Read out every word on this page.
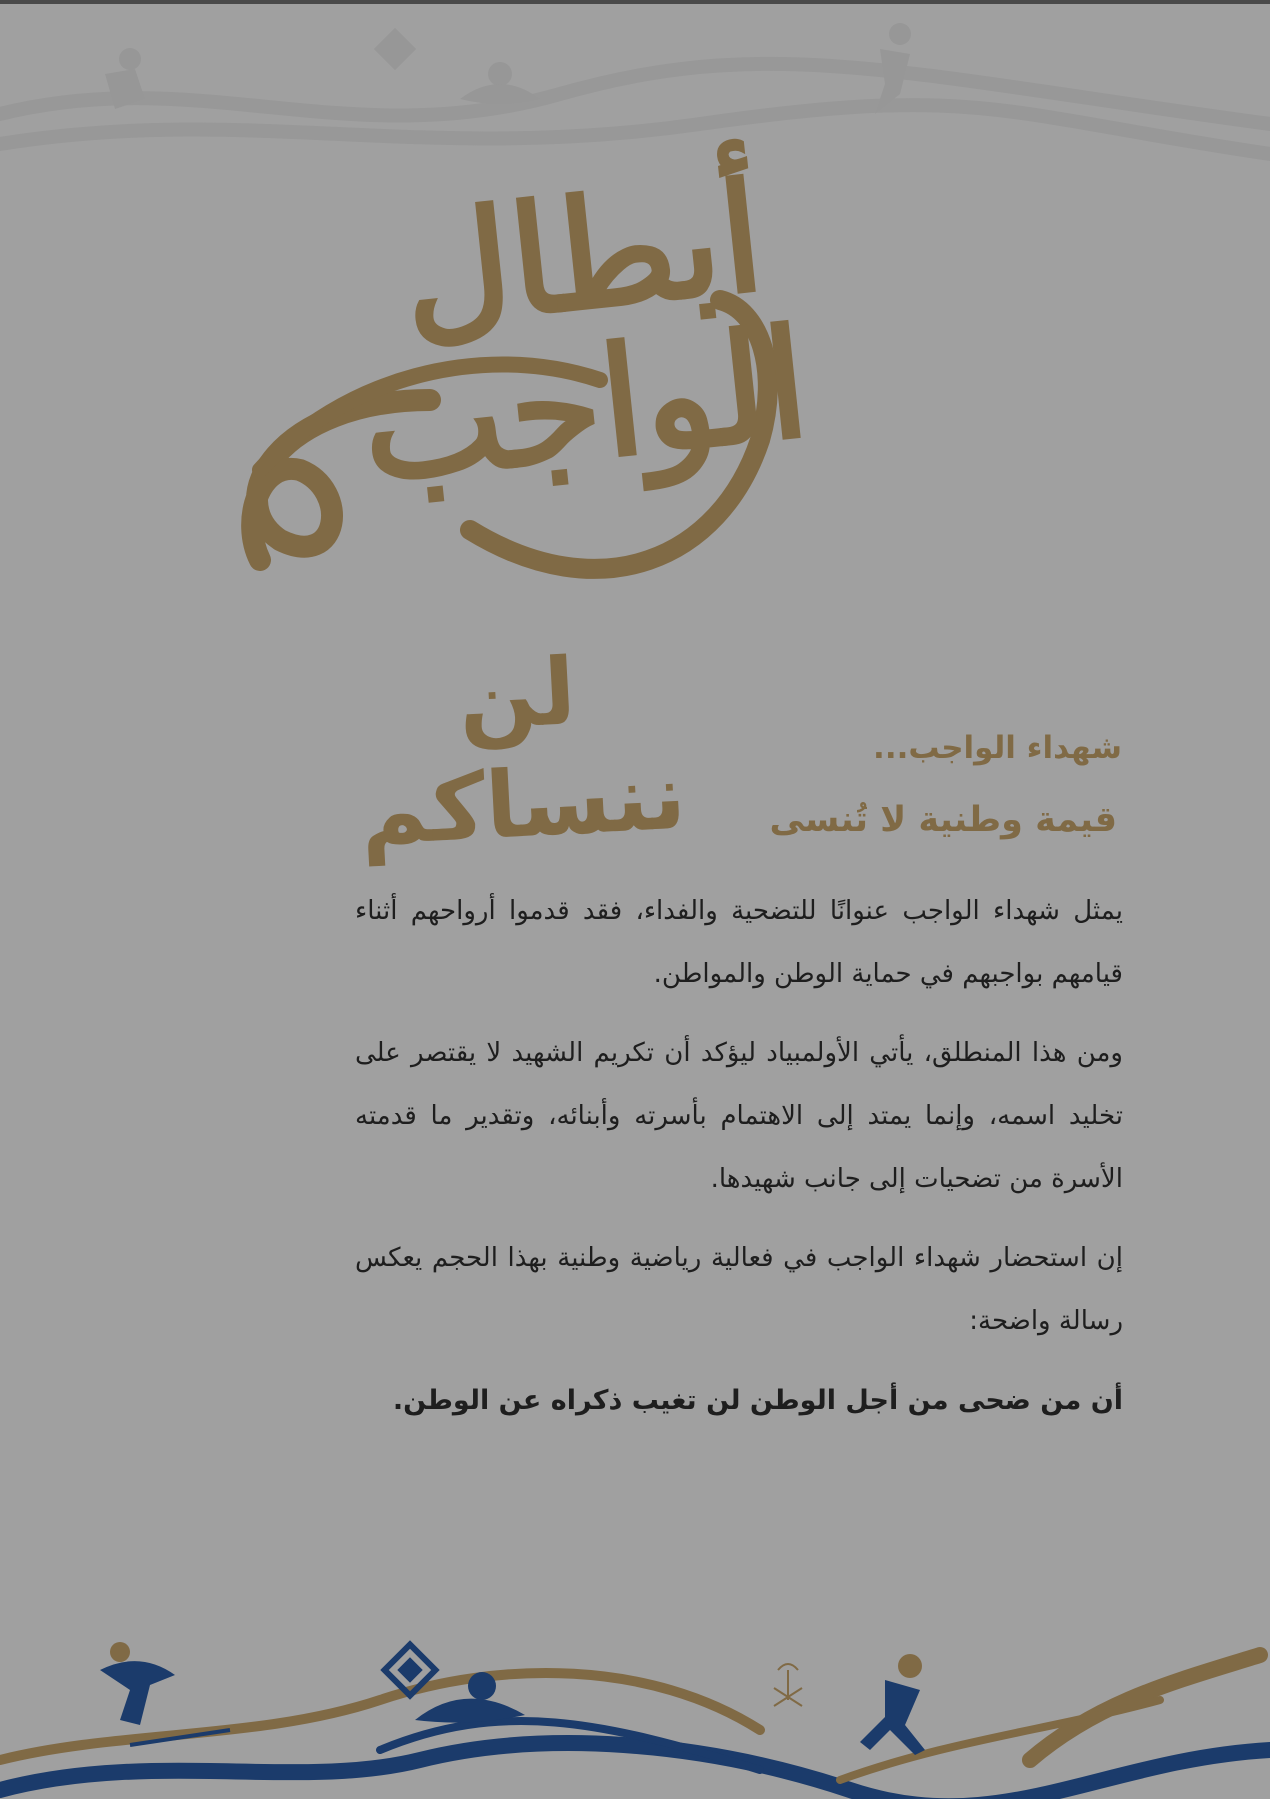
أبطال الواجب
لن ننساكم	شهداء الواجب...
قيمة وطنية لا تُنسى

يمثل شهداء الواجب عنوانًا للتضحية والفداء، فقد قدموا أرواحهم أثناء قيامهم بواجبهم في حماية الوطن والمواطن.

ومن هذا المنطلق، يأتي الأولمبياد ليؤكد أن تكريم الشهيد لا يقتصر على تخليد اسمه، وإنما يمتد إلى الاهتمام بأسرته وأبنائه، وتقدير ما قدمته الأسرة من تضحيات إلى جانب شهيدها.

إن استحضار شهداء الواجب في فعالية رياضية وطنية بهذا الحجم يعكس رسالة واضحة:

أن من ضحى من أجل الوطن لن تغيب ذكراه عن الوطن.
